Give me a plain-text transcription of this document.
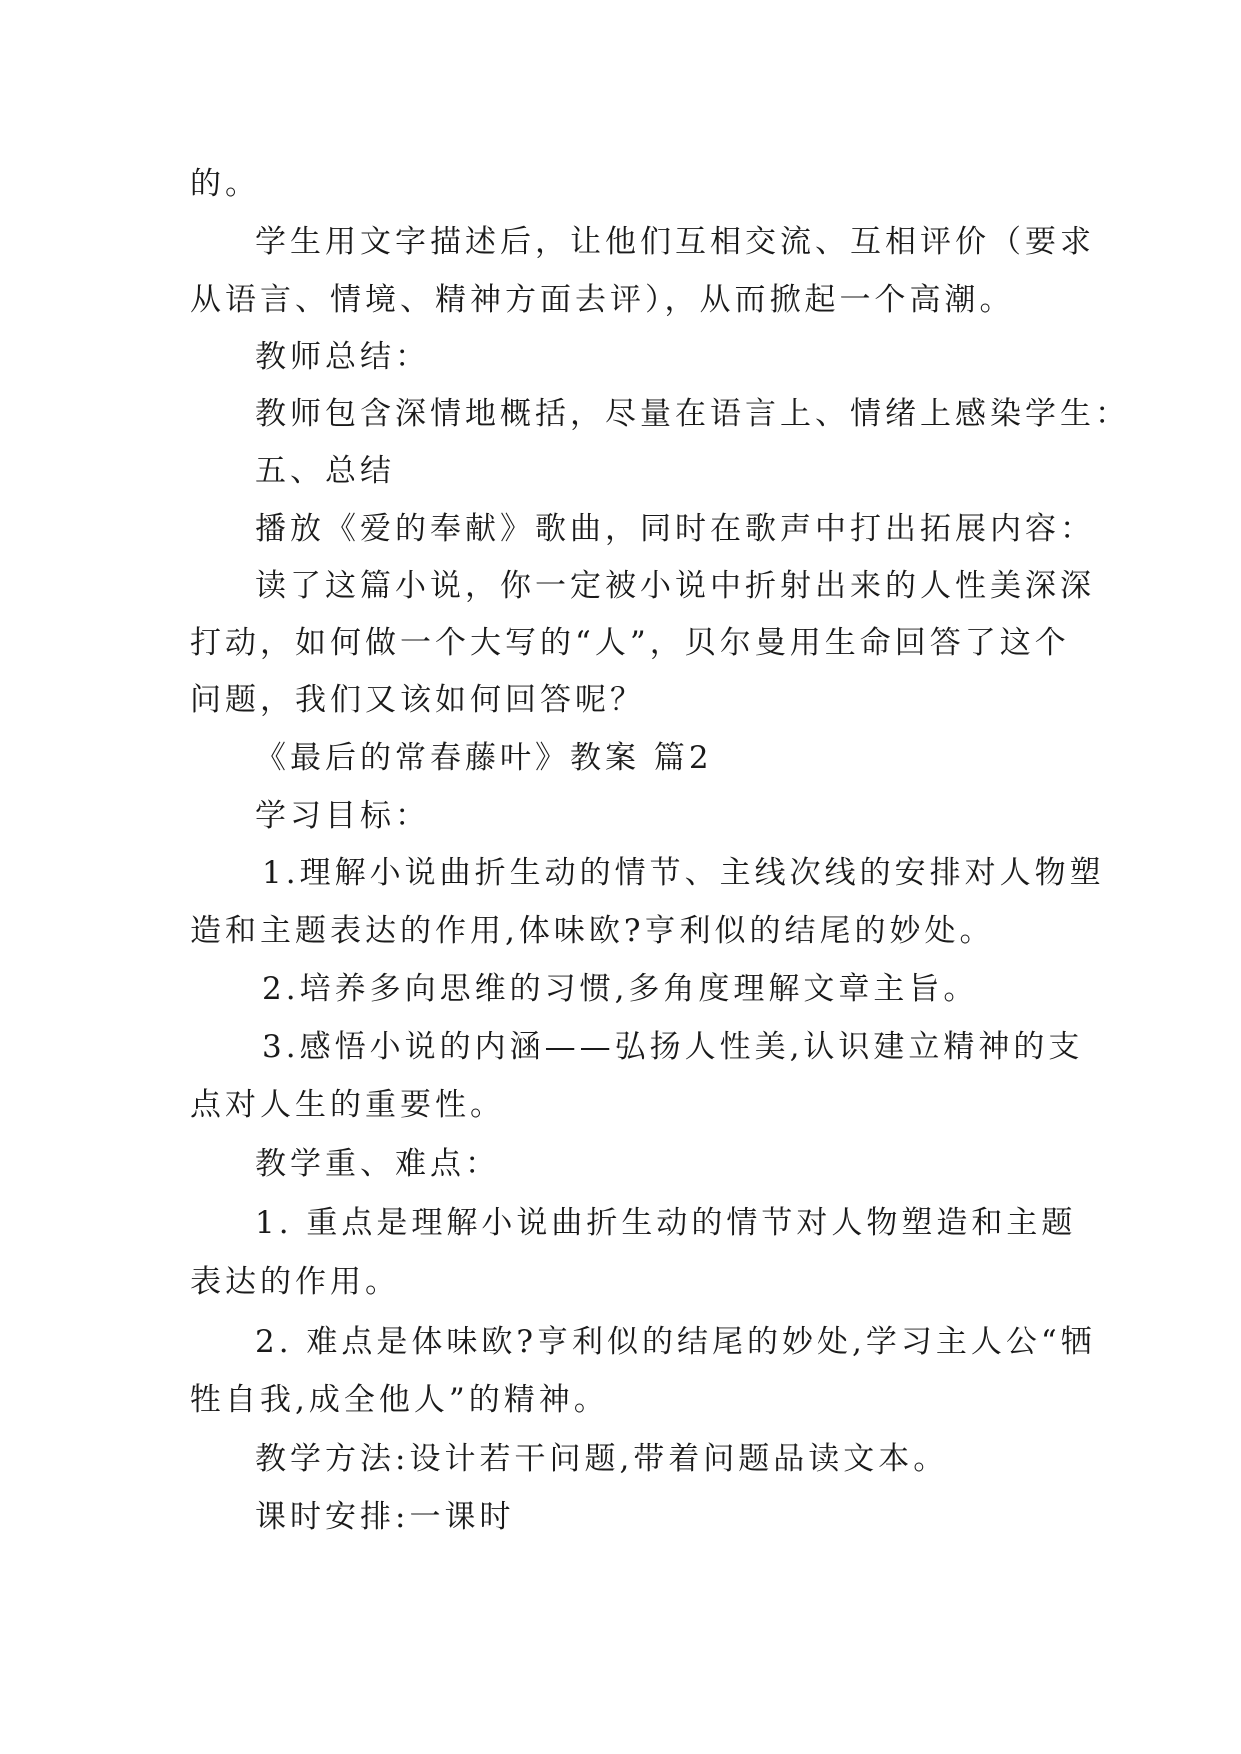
的。
学生用文字描述后，让他们互相交流、互相评价（要求
从语言、情境、精神方面去评），从而掀起一个高潮。
教师总结：
教师包含深情地概括，尽量在语言上、情绪上感染学生：
五、总结
播放《爱的奉献》歌曲，同时在歌声中打出拓展内容：
读了这篇小说，你一定被小说中折射出来的人性美深深
打动，如何做一个大写的“人”，贝尔曼用生命回答了这个
问题，我们又该如何回答呢？
《最后的常春藤叶》教案 篇2
学习目标：
1.理解小说曲折生动的情节、主线次线的安排对人物塑
造和主题表达的作用,体味欧?亨利似的结尾的妙处。
2.培养多向思维的习惯,多角度理解文章主旨。
3.感悟小说的内涵——弘扬人性美,认识建立精神的支
点对人生的重要性。
教学重、难点：
1. 重点是理解小说曲折生动的情节对人物塑造和主题
表达的作用。
2. 难点是体味欧?亨利似的结尾的妙处,学习主人公“牺
牲自我,成全他人”的精神。
教学方法:设计若干问题,带着问题品读文本。
课时安排:一课时
